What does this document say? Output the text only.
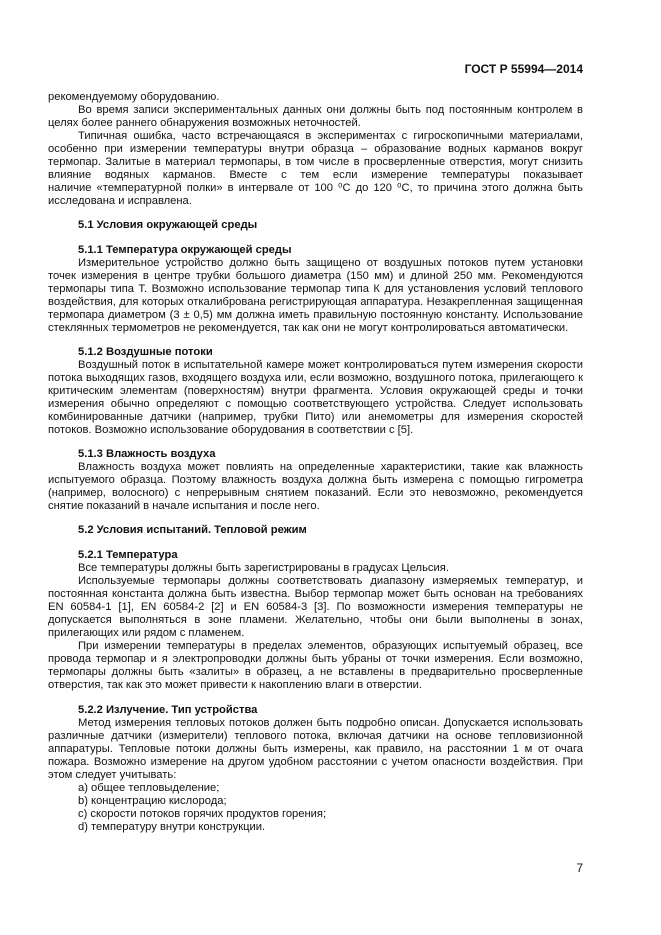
ГОСТ Р 55994—2014
рекомендуемому оборудованию.
Во время записи экспериментальных данных они должны быть под постоянным контролем в
целях более раннего обнаружения возможных неточностей.
Типичная ошибка, часто встречающаяся в экспериментах с гигроскопичными материалами,
особенно при измерении температуры внутри образца – образование водных карманов вокруг
термопар. Залитые в материал термопары, в том числе в просверленные отверстия, могут снизить
влияние водяных карманов. Вместе с тем если измерение температуры показывает
наличие «температурной полки» в интервале от 100 ⁰C до 120 ⁰C, то причина этого должна быть
исследована и исправлена.
5.1 Условия окружающей среды
5.1.1 Температура окружающей среды
Измерительное устройство должно быть защищено от воздушных потоков путем установки
точек измерения в центре трубки большого диаметра (150 мм) и длиной 250 мм. Рекомендуются
термопары типа Т. Возможно использование термопар типа К для установления условий теплового
воздействия, для которых откалибрована регистрирующая аппаратура. Незакрепленная защищенная
термопара диаметром (3 ± 0,5) мм должна иметь правильную постоянную константу. Использование
стеклянных термометров не рекомендуется, так как они не могут контролироваться автоматически.
5.1.2 Воздушные потоки
Воздушный поток в испытательной камере может контролироваться путем измерения скорости
потока выходящих газов, входящего воздуха или, если возможно, воздушного потока, прилегающего к
критическим элементам (поверхностям) внутри фрагмента. Условия окружающей среды и точки
измерения обычно определяют с помощью соответствующего устройства. Следует использовать
комбинированные датчики (например, трубки Пито) или анемометры для измерения скоростей
потоков. Возможно использование оборудования в соответствии с [5].
5.1.3 Влажность воздуха
Влажность воздуха может повлиять на определенные характеристики, такие как влажность
испытуемого образца. Поэтому влажность воздуха должна быть измерена с помощью гигрометра
(например, волосного) с непрерывным снятием показаний. Если это невозможно, рекомендуется
снятие показаний в начале испытания и после него.
5.2 Условия испытаний. Тепловой режим
5.2.1 Температура
Все температуры должны быть зарегистрированы в градусах Цельсия.
Используемые термопары должны соответствовать диапазону измеряемых температур, и
постоянная константа должна быть известна. Выбор термопар может быть основан на требованиях
EN 60584-1 [1], EN 60584-2 [2] и EN 60584-3 [3]. По возможности измерения температуры не
допускается выполняться в зоне пламени. Желательно, чтобы они были выполнены в зонах,
прилегающих или рядом с пламенем.
При измерении температуры в пределах элементов, образующих испытуемый образец, все
провода термопар и я электропроводки должны быть убраны от точки измерения. Если возможно,
термопары должны быть «залиты» в образец, а не вставлены в предварительно просверленные
отверстия, так как это может привести к накоплению влаги в отверстии.
5.2.2 Излучение. Тип устройства
Метод измерения тепловых потоков должен быть подробно описан. Допускается использовать
различные датчики (измерители) теплового потока, включая датчики на основе тепловизионной
аппаратуры. Тепловые потоки должны быть измерены, как правило, на расстоянии 1 м от очага
пожара. Возможно измерение на другом удобном расстоянии с учетом опасности воздействия. При
этом следует учитывать:
a) общее тепловыделение;
b) концентрацию кислорода;
c) скорости потоков горячих продуктов горения;
d) температуру внутри конструкции.
7
